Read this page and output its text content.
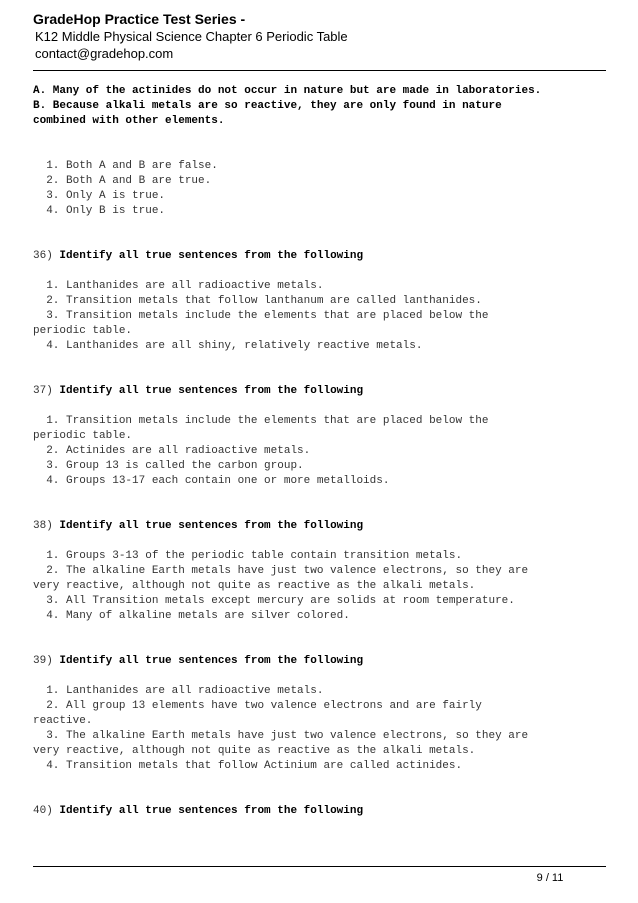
GradeHop Practice Test Series -

K12 Middle Physical Science Chapter 6 Periodic Table

contact@gradehop.com

A. Many of the actinides do not occur in nature but are made in laboratories.

B. Because alkali metals are so reactive, they are only found in nature

combined with other elements.

1. Both A and B are false.
2. Both A and B are true.
3. Only A is true.
4. Only B is true.

36) Identify all true sentences from the following

1. Lanthanides are all radioactive metals.
2. Transition metals that follow lanthanum are called lanthanides.
3. Transition metals include the elements that are placed below the
periodic table.
4. Lanthanides are all shiny, relatively reactive metals.

37) Identify all true sentences from the following

1. Transition metals include the elements that are placed below the
periodic table.
2. Actinides are all radioactive metals.
3. Group 13 is called the carbon group.
4. Groups 13-17 each contain one or more metalloids.

38) Identify all true sentences from the following

1. Groups 3-13 of the periodic table contain transition metals.
2. The alkaline Earth metals have just two valence electrons, so they are
very reactive, although not quite as reactive as the alkali metals.
3. All Transition metals except mercury are solids at room temperature.
4. Many of alkaline metals are silver colored.

39) Identify all true sentences from the following

1. Lanthanides are all radioactive metals.
2. All group 13 elements have two valence electrons and are fairly
reactive.
3. The alkaline Earth metals have just two valence electrons, so they are
very reactive, although not quite as reactive as the alkali metals.
4. Transition metals that follow Actinium are called actinides.

40) Identify all true sentences from the following

9 / 11
